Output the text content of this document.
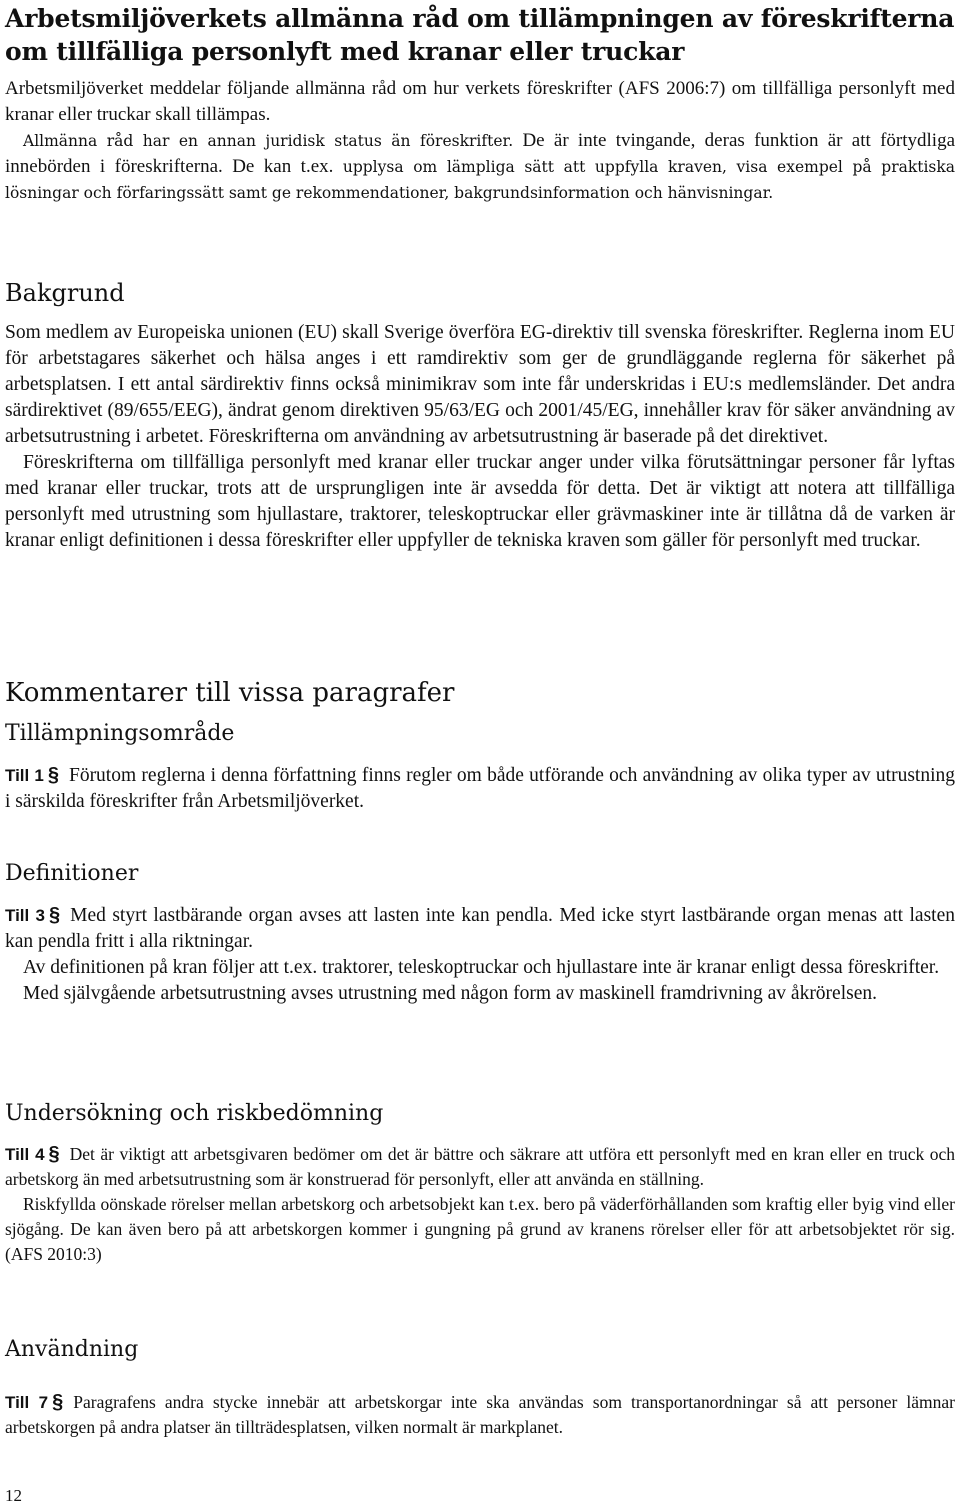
Arbetsmiljöverkets allmänna råd om tillämpningen av föreskrifterna om tillfälliga personlyft med kranar eller truckar

Arbetsmiljöverket meddelar följande allmänna råd om hur verkets föreskrifter (AFS 2006:7) om tillfälliga personlyft med kranar eller truckar skall tillämpas.
Allmänna råd har en annan juridisk status än föreskrifter. De är inte tvingande, deras funktion är att förtydliga innebörden i föreskrifterna. De kan t.ex. upplysa om lämpliga sätt att uppfylla kraven, visa exempel på praktiska lösningar och förfaringssätt samt ge rekommendationer, bakgrundsinformation och hänvisningar.

Bakgrund

Som medlem av Europeiska unionen (EU) skall Sverige överföra EG-direktiv till svenska föreskrifter. Reglerna inom EU för arbetstagares säkerhet och hälsa anges i ett ramdirektiv som ger de grundläggande reglerna för säkerhet på arbetsplatsen. I ett antal särdirektiv finns också minimikrav som inte får underskridas i EU:s medlemsländer. Det andra särdirektivet (89/655/EEG), ändrat genom direktiven 95/63/EG och 2001/45/EG, innehåller krav för säker användning av arbetsutrustning i arbetet. Föreskrifterna om användning av arbetsutrustning är baserade på det direktivet.

Föreskrifterna om tillfälliga personlyft med kranar eller truckar anger under vilka förutsättningar personer får lyftas med kranar eller truckar, trots att de ursprungligen inte är avsedda för detta. Det är viktigt att notera att tillfälliga personlyft med utrustning som hjullastare, traktorer, teleskoptruckar eller grävmaskiner inte är tillåtna då de varken är kranar enligt definitionen i dessa föreskrifter eller uppfyller de tekniska kraven som gäller för personlyft med truckar.

Kommentarer till vissa paragrafer
Tillämpningsområde

Till 1 § Förutom reglerna i denna författning finns regler om både utförande och användning av olika typer av utrustning i särskilda föreskrifter från Arbetsmiljöverket.

Definitioner

Till 3 § Med styrt lastbärande organ avses att lasten inte kan pendla. Med icke styrt lastbärande organ menas att lasten kan pendla fritt i alla riktningar.

Av definitionen på kran följer att t.ex. traktorer, teleskoptruckar och hjullastare inte är kranar enligt dessa föreskrifter.

Med självgående arbetsutrustning avses utrustning med någon form av maskinell framdrivning av åkrörelsen.

Undersökning och riskbedömning

Till 4 § Det är viktigt att arbetsgivaren bedömer om det är bättre och säkrare att utföra ett personlyft med en kran eller en truck och arbetskorg än med arbetsutrustning som är konstruerad för personlyft, eller att använda en ställning.

Riskfyllda oönskade rörelser mellan arbetskorg och arbetsobjekt kan t.ex. bero på väderförhållanden som kraftig eller byig vind eller sjögång. De kan även bero på att arbetskorgen kommer i gungning på grund av kranens rörelser eller för att arbetsobjektet rör sig. (AFS 2010:3)

Användning

Till 7 § Paragrafens andra stycke innebär att arbetskorgar inte ska användas som transportanordningar så att personer lämnar arbetskorgen på andra platser än tillträdesplatsen, vilken normalt är markplanet.

12
